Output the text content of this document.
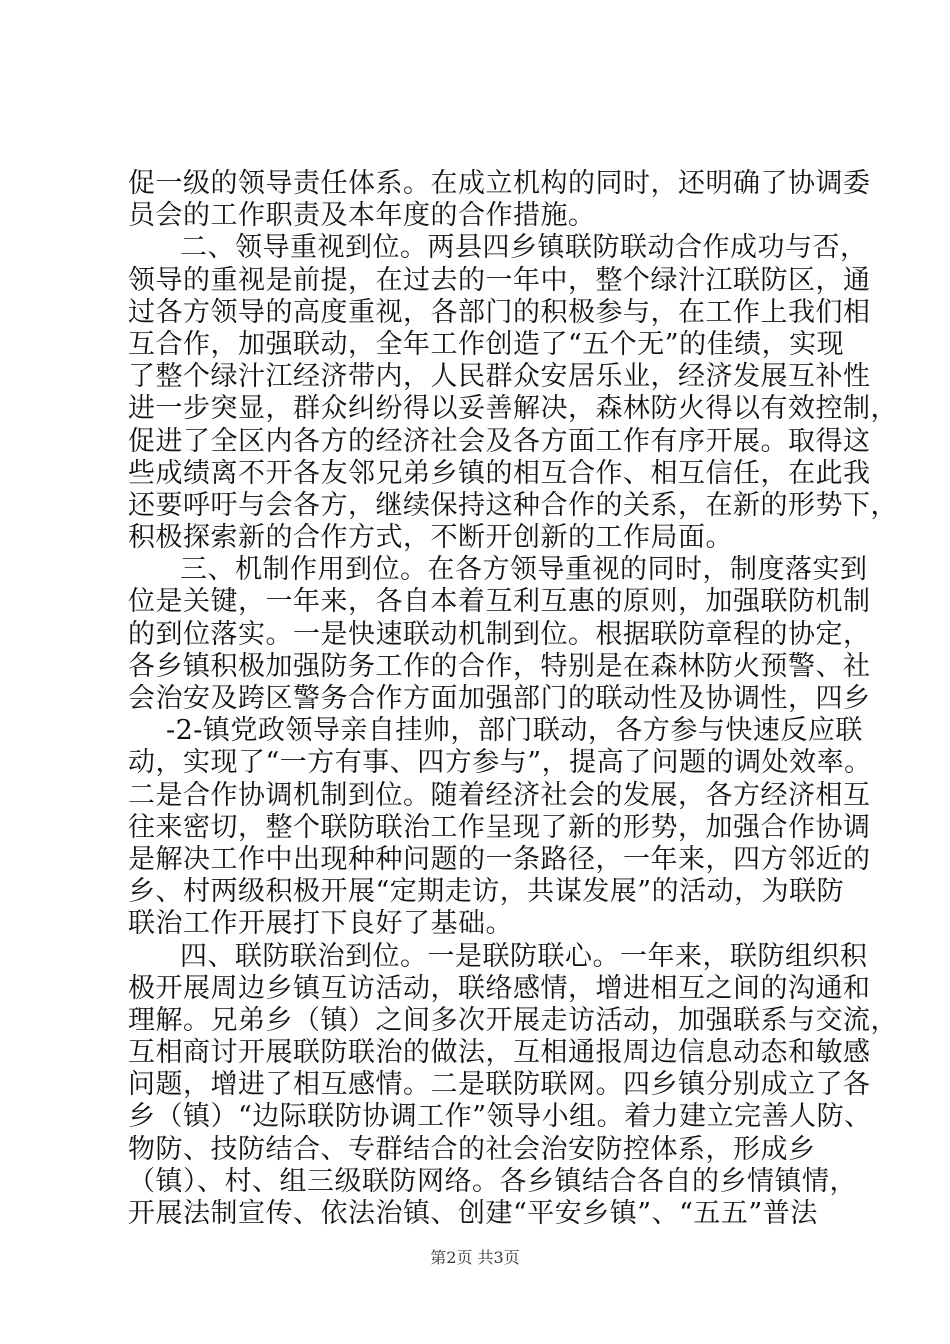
促一级的领导责任体系。在成立机构的同时，还明确了协调委
员会的工作职责及本年度的合作措施。
二、领导重视到位。两县四乡镇联防联动合作成功与否，
领导的重视是前提，在过去的一年中，整个绿汁江联防区，通
过各方领导的高度重视，各部门的积极参与，在工作上我们相
互合作，加强联动，全年工作创造了“五个无”的佳绩，实现
了整个绿汁江经济带内，人民群众安居乐业，经济发展互补性
进一步突显，群众纠纷得以妥善解决，森林防火得以有效控制，
促进了全区内各方的经济社会及各方面工作有序开展。取得这
些成绩离不开各友邻兄弟乡镇的相互合作、相互信任，在此我
还要呼吁与会各方，继续保持这种合作的关系，在新的形势下，
积极探索新的合作方式，不断开创新的工作局面。
三、机制作用到位。在各方领导重视的同时，制度落实到
位是关键，一年来，各自本着互利互惠的原则，加强联防机制
的到位落实。一是快速联动机制到位。根据联防章程的协定，
各乡镇积极加强防务工作的合作，特别是在森林防火预警、社
会治安及跨区警务合作方面加强部门的联动性及协调性，四乡
-2-镇党政领导亲自挂帅，部门联动，各方参与快速反应联
动，实现了“一方有事、四方参与”，提高了问题的调处效率。
二是合作协调机制到位。随着经济社会的发展，各方经济相互
往来密切，整个联防联治工作呈现了新的形势，加强合作协调
是解决工作中出现种种问题的一条路径，一年来，四方邻近的
乡、村两级积极开展“定期走访，共谋发展”的活动，为联防
联治工作开展打下良好了基础。
四、联防联治到位。一是联防联心。一年来，联防组织积
极开展周边乡镇互访活动，联络感情，增进相互之间的沟通和
理解。兄弟乡（镇）之间多次开展走访活动，加强联系与交流，
互相商讨开展联防联治的做法，互相通报周边信息动态和敏感
问题，增进了相互感情。二是联防联网。四乡镇分别成立了各
乡（镇）“边际联防协调工作”领导小组。着力建立完善人防、
物防、技防结合、专群结合的社会治安防控体系，形成乡
（镇）、村、组三级联防网络。各乡镇结合各自的乡情镇情，
开展法制宣传、依法治镇、创建“平安乡镇”、“五五”普法
第2页 共3页
